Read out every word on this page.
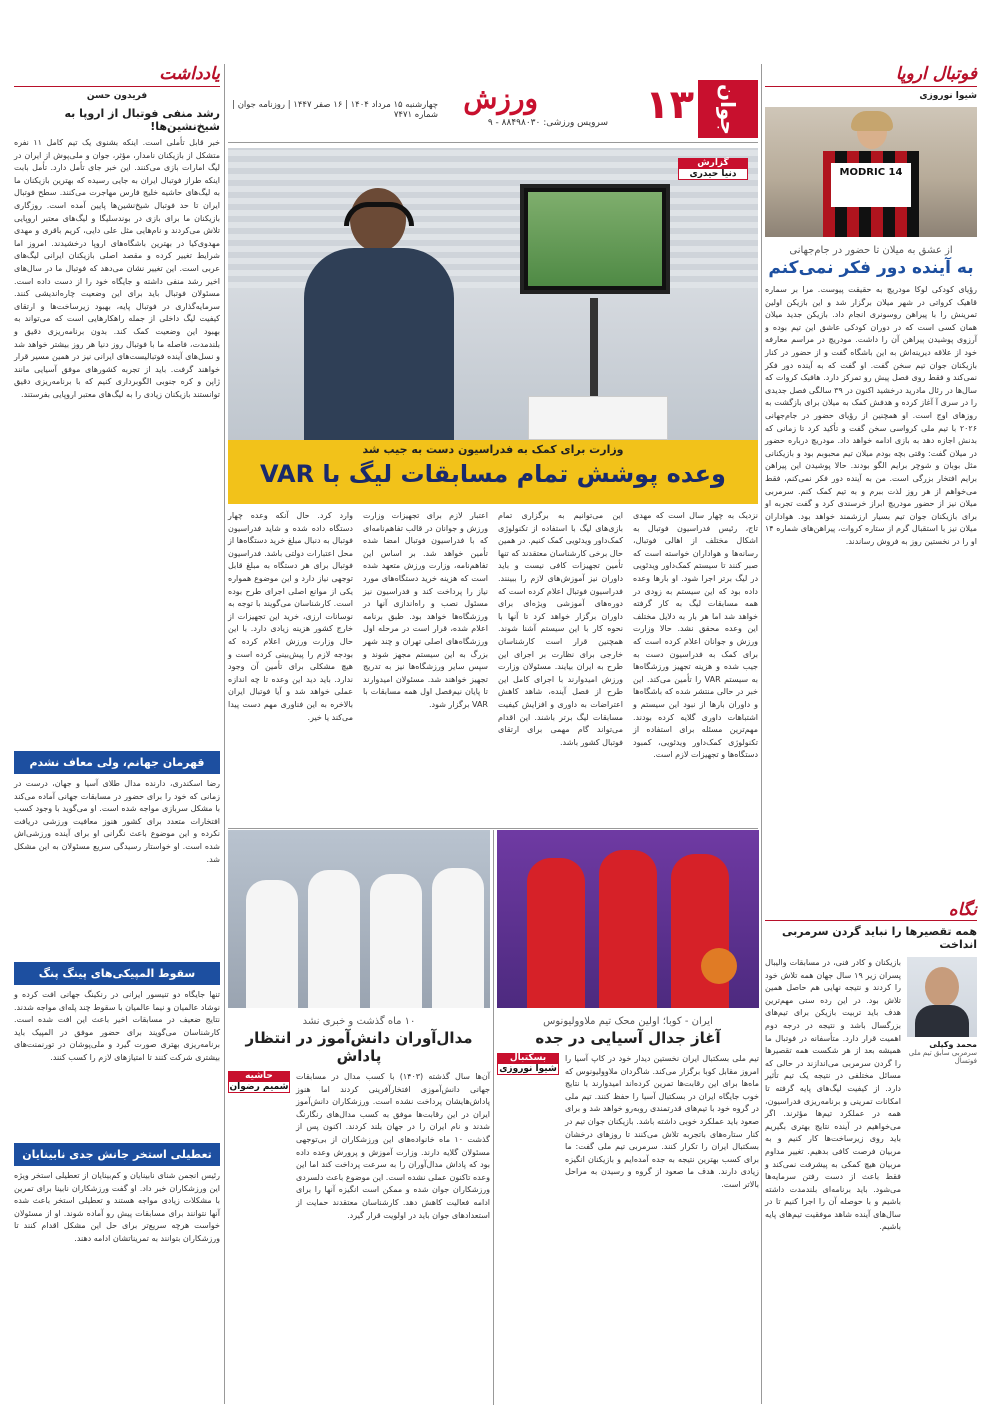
جوان
۱۳
ورزش
سرویس ورزشی: ۸۸۴۹۸۰۳۰ - ۹
چهارشنبه ۱۵ مرداد ۱۴۰۴ | ۱۶ صفر ۱۴۴۷ | روزنامه جوان | شماره ۷۴۷۱
فوتبال اروپا
شیوا نوروزی
MODRIC 14
از عشق به میلان تا حضور در جام‌جهانی
به آینده دور فکر نمی‌کنم
رؤیای کودکی لوکا مودریچ به حقیقت پیوست. مرا بر سماره قاهیک کرواتی در شهر میلان برگزار شد و این بازیکن اولین تمرینش را با پیراهن روسونری انجام داد. بازیکن جدید میلان همان کسی است که در دوران کودکی عاشق این تیم بوده و آرزوی پوشیدن پیراهن آن را داشت. مودریچ در مراسم معارفه خود از علاقه دیرینه‌اش به این باشگاه گفت و از حضور در کنار بازیکنان جوان تیم سخن گفت. او گفت که به آینده دور فکر نمی‌کند و فقط روی فصل پیش رو تمرکز دارد. هافبک کروات که سال‌ها در رئال مادرید درخشید اکنون در ۳۹ سالگی فصل جدیدی را در سری آ آغاز کرده و هدفش کمک به میلان برای بازگشت به روزهای اوج است. او همچنین از رؤیای حضور در جام‌جهانی ۲۰۲۶ با تیم ملی کرواسی سخن گفت و تأکید کرد تا زمانی که بدنش اجازه دهد به بازی ادامه خواهد داد. مودریچ درباره حضور در میلان گفت: وقتی بچه بودم میلان تیم محبوبم بود و بازیکنانی مثل بوبان و شوچر برایم الگو بودند. حالا پوشیدن این پیراهن برایم افتخار بزرگی است. من به آینده دور فکر نمی‌کنم، فقط می‌خواهم از هر روز لذت ببرم و به تیم کمک کنم. سرمربی میلان نیز از حضور مودریچ ابراز خرسندی کرد و گفت تجربه او برای بازیکنان جوان تیم بسیار ارزشمند خواهد بود. هواداران میلان نیز با استقبال گرم از ستاره کروات، پیراهن‌های شماره ۱۴ او را در نخستین روز به فروش رساندند.
نگاه
همه تقصیرها را نباید گردن سرمربی انداخت
محمد وکیلی
سرمربی سابق تیم ملی فوتسال
بازیکنان و کادر فنی، در مسابقات والیبال پسران زیر ۱۹ سال جهان همه تلاش خود را کردند و نتیجه نهایی هم حاصل همین تلاش بود. در این رده سنی مهم‌ترین هدف باید تربیت بازیکن برای تیم‌های بزرگسال باشد و نتیجه در درجه دوم اهمیت قرار دارد. متأسفانه در فوتبال ما همیشه بعد از هر شکست همه تقصیرها را گردن سرمربی می‌اندازند در حالی که مسائل مختلفی در نتیجه یک تیم تأثیر دارد. از کیفیت لیگ‌های پایه گرفته تا امکانات تمرینی و برنامه‌ریزی فدراسیون، همه در عملکرد تیم‌ها مؤثرند. اگر می‌خواهیم در آینده نتایج بهتری بگیریم باید روی زیرساخت‌ها کار کنیم و به مربیان فرصت کافی بدهیم. تغییر مداوم مربیان هیچ کمکی به پیشرفت نمی‌کند و فقط باعث از دست رفتن سرمایه‌ها می‌شود. باید برنامه‌ای بلندمدت داشته باشیم و با حوصله آن را اجرا کنیم تا در سال‌های آینده شاهد موفقیت تیم‌های پایه باشیم.
گزارش
دنیا حیدری
وزارت برای کمک به فدراسیون دست به جیب شد
وعده پوشش تمام مسابقات لیگ با VAR
نزدیک به چهار سال است که مهدی تاج، رئیس فدراسیون فوتبال به اشکال مختلف از اهالی فوتبال، رسانه‌ها و هواداران خواسته است که صبر کنند تا سیستم کمک‌داور ویدئویی در لیگ برتر اجرا شود. او بارها وعده داده بود که این سیستم به زودی در همه مسابقات لیگ به کار گرفته خواهد شد اما هر بار به دلایل مختلف این وعده محقق نشد. حالا وزارت ورزش و جوانان اعلام کرده است که برای کمک به فدراسیون دست به جیب شده و هزینه تجهیز ورزشگاه‌ها به سیستم VAR را تأمین می‌کند. این خبر در حالی منتشر شده که باشگاه‌ها و داوران بارها از نبود این سیستم و اشتباهات داوری گلایه کرده بودند. مهم‌ترین مسئله برای استفاده از تکنولوژی کمک‌داور ویدئویی، کمبود دستگاه‌ها و تجهیزات لازم است.
این می‌توانیم به برگزاری تمام بازی‌های لیگ با استفاده از تکنولوژی کمک‌داور ویدئویی کمک کنیم. در همین حال برخی کارشناسان معتقدند که تنها تأمین تجهیزات کافی نیست و باید داوران نیز آموزش‌های لازم را ببینند. فدراسیون فوتبال اعلام کرده است که دوره‌های آموزشی ویژه‌ای برای داوران برگزار خواهد کرد تا آنها با نحوه کار با این سیستم آشنا شوند. همچنین قرار است کارشناسان خارجی برای نظارت بر اجرای این طرح به ایران بیایند. مسئولان وزارت ورزش امیدوارند با اجرای کامل این طرح از فصل آینده، شاهد کاهش اعتراضات به داوری و افزایش کیفیت مسابقات لیگ برتر باشند. این اقدام می‌تواند گام مهمی برای ارتقای فوتبال کشور باشد.
اعتبار لازم برای تجهیزات وزارت ورزش و جوانان در قالب تفاهم‌نامه‌ای که با فدراسیون فوتبال امضا شده تأمین خواهد شد. بر اساس این تفاهم‌نامه، وزارت ورزش متعهد شده است که هزینه خرید دستگاه‌های مورد نیاز را پرداخت کند و فدراسیون نیز مسئول نصب و راه‌اندازی آنها در ورزشگاه‌ها خواهد بود. طبق برنامه اعلام شده، قرار است در مرحله اول ورزشگاه‌های اصلی تهران و چند شهر بزرگ به این سیستم مجهز شوند و سپس سایر ورزشگاه‌ها نیز به تدریج تجهیز خواهند شد. مسئولان امیدوارند تا پایان نیم‌فصل اول همه مسابقات با VAR برگزار شود.
وارد کرد. حال آنکه وعده چهار دستگاه داده شده و شاید فدراسیون فوتبال به دنبال مبلغ خرید دستگاه‌ها از محل اعتبارات دولتی باشد. فدراسیون فوتبال برای هر دستگاه به مبلغ قابل توجهی نیاز دارد و این موضوع همواره یکی از موانع اصلی اجرای طرح بوده است. کارشناسان می‌گویند با توجه به نوسانات ارزی، خرید این تجهیزات از خارج کشور هزینه زیادی دارد. با این حال وزارت ورزش اعلام کرده که بودجه لازم را پیش‌بینی کرده است و هیچ مشکلی برای تأمین آن وجود ندارد. باید دید این وعده تا چه اندازه عملی خواهد شد و آیا فوتبال ایران بالاخره به این فناوری مهم دست پیدا می‌کند یا خیر.
ایران - کوبا؛ اولین محک تیم ملاوولیونوس
آغاز جدال آسیایی در جده
بسکتبال
شیوا نوروزی
تیم ملی بسکتبال ایران نخستین دیدار خود در کاپ آسیا را امروز مقابل کوبا برگزار می‌کند. شاگردان ملاوولیونوس که ماه‌ها برای این رقابت‌ها تمرین کرده‌اند امیدوارند با نتایج خوب جایگاه ایران در بسکتبال آسیا را حفظ کنند. تیم ملی در گروه خود با تیم‌های قدرتمندی روبه‌رو خواهد شد و برای صعود باید عملکرد خوبی داشته باشد. بازیکنان جوان تیم در کنار ستاره‌های باتجربه تلاش می‌کنند تا روزهای درخشان بسکتبال ایران را تکرار کنند. سرمربی تیم ملی گفت: ما برای کسب بهترین نتیجه به جده آمده‌ایم و بازیکنان انگیزه زیادی دارند. هدف ما صعود از گروه و رسیدن به مراحل بالاتر است.
۱۰ ماه گذشت و خبری نشد
مدال‌آوران دانش‌آموز در انتظار پاداش
حاشیه
شمیم رضوان
آن‌ها سال گذشته (۱۴۰۳) با کسب مدال در مسابقات جهانی دانش‌آموزی افتخارآفرینی کردند اما هنوز پاداش‌هایشان پرداخت نشده است. ورزشکاران دانش‌آموز ایران در این رقابت‌ها موفق به کسب مدال‌های رنگارنگ شدند و نام ایران را در جهان بلند کردند. اکنون پس از گذشت ۱۰ ماه خانواده‌های این ورزشکاران از بی‌توجهی مسئولان گلایه دارند. وزارت آموزش و پرورش وعده داده بود که پاداش مدال‌آوران را به سرعت پرداخت کند اما این وعده تاکنون عملی نشده است. این موضوع باعث دلسردی ورزشکاران جوان شده و ممکن است انگیزه آنها را برای ادامه فعالیت کاهش دهد. کارشناسان معتقدند حمایت از استعدادهای جوان باید در اولویت قرار گیرد.
یادداشت
فریدون حسن
رشد منفی فوتبال از اروپا به شیخ‌نشین‌ها!
خبر قابل تأملی است. اینکه بشنوی یک تیم کامل ۱۱ نفره متشکل از بازیکنان نامدار، مؤثر، جوان و ملی‌پوش از ایران در لیگ امارات بازی می‌کنند. این خبر جای تأمل دارد. تأمل بابت اینکه طراز فوتبال ایران به جایی رسیده که بهترین بازیکنان ما به لیگ‌های حاشیه خلیج فارس مهاجرت می‌کنند. سطح فوتبال ایران تا حد فوتبال شیخ‌نشین‌ها پایین آمده است. روزگاری بازیکنان ما برای بازی در بوندسلیگا و لیگ‌های معتبر اروپایی تلاش می‌کردند و نام‌هایی مثل علی دایی، کریم باقری و مهدی مهدوی‌کیا در بهترین باشگاه‌های اروپا درخشیدند. امروز اما شرایط تغییر کرده و مقصد اصلی بازیکنان ایرانی لیگ‌های عربی است. این تغییر نشان می‌دهد که فوتبال ما در سال‌های اخیر رشد منفی داشته و جایگاه خود را از دست داده است. مسئولان فوتبال باید برای این وضعیت چاره‌اندیشی کنند. سرمایه‌گذاری در فوتبال پایه، بهبود زیرساخت‌ها و ارتقای کیفیت لیگ داخلی از جمله راهکارهایی است که می‌تواند به بهبود این وضعیت کمک کند. بدون برنامه‌ریزی دقیق و بلندمدت، فاصله ما با فوتبال روز دنیا هر روز بیشتر خواهد شد و نسل‌های آینده فوتبالیست‌های ایرانی نیز در همین مسیر قرار خواهند گرفت. باید از تجربه کشورهای موفق آسیایی مانند ژاپن و کره جنوبی الگوبرداری کنیم که با برنامه‌ریزی دقیق توانستند بازیکنان زیادی را به لیگ‌های معتبر اروپایی بفرستند.
قهرمان جهانم، ولی معاف نشدم
رضا اسکندری، دارنده مدال طلای آسیا و جهان، درست در زمانی که خود را برای حضور در مسابقات جهانی آماده می‌کند با مشکل سربازی مواجه شده است. او می‌گوید با وجود کسب افتخارات متعدد برای کشور هنوز معافیت ورزشی دریافت نکرده و این موضوع باعث نگرانی او برای آینده ورزشی‌اش شده است. او خواستار رسیدگی سریع مسئولان به این مشکل شد.
سقوط المپیکی‌های پینگ پنگ
تنها جایگاه دو تنیسور ایرانی در رنکینگ جهانی افت کرده و نوشاد عالمیان و نیما عالمیان با سقوط چند پله‌ای مواجه شدند. نتایج ضعیف در مسابقات اخیر باعث این افت شده است. کارشناسان می‌گویند برای حضور موفق در المپیک باید برنامه‌ریزی بهتری صورت گیرد و ملی‌پوشان در تورنمنت‌های بیشتری شرکت کنند تا امتیازهای لازم را کسب کنند.
تعطیلی استخر جانش جدی نابینایان
رئیس انجمن شنای نابینایان و کم‌بینایان از تعطیلی استخر ویژه این ورزشکاران خبر داد. او گفت ورزشکاران نابینا برای تمرین با مشکلات زیادی مواجه هستند و تعطیلی استخر باعث شده آنها نتوانند برای مسابقات پیش رو آماده شوند. او از مسئولان خواست هرچه سریع‌تر برای حل این مشکل اقدام کنند تا ورزشکاران بتوانند به تمریناتشان ادامه دهند.
